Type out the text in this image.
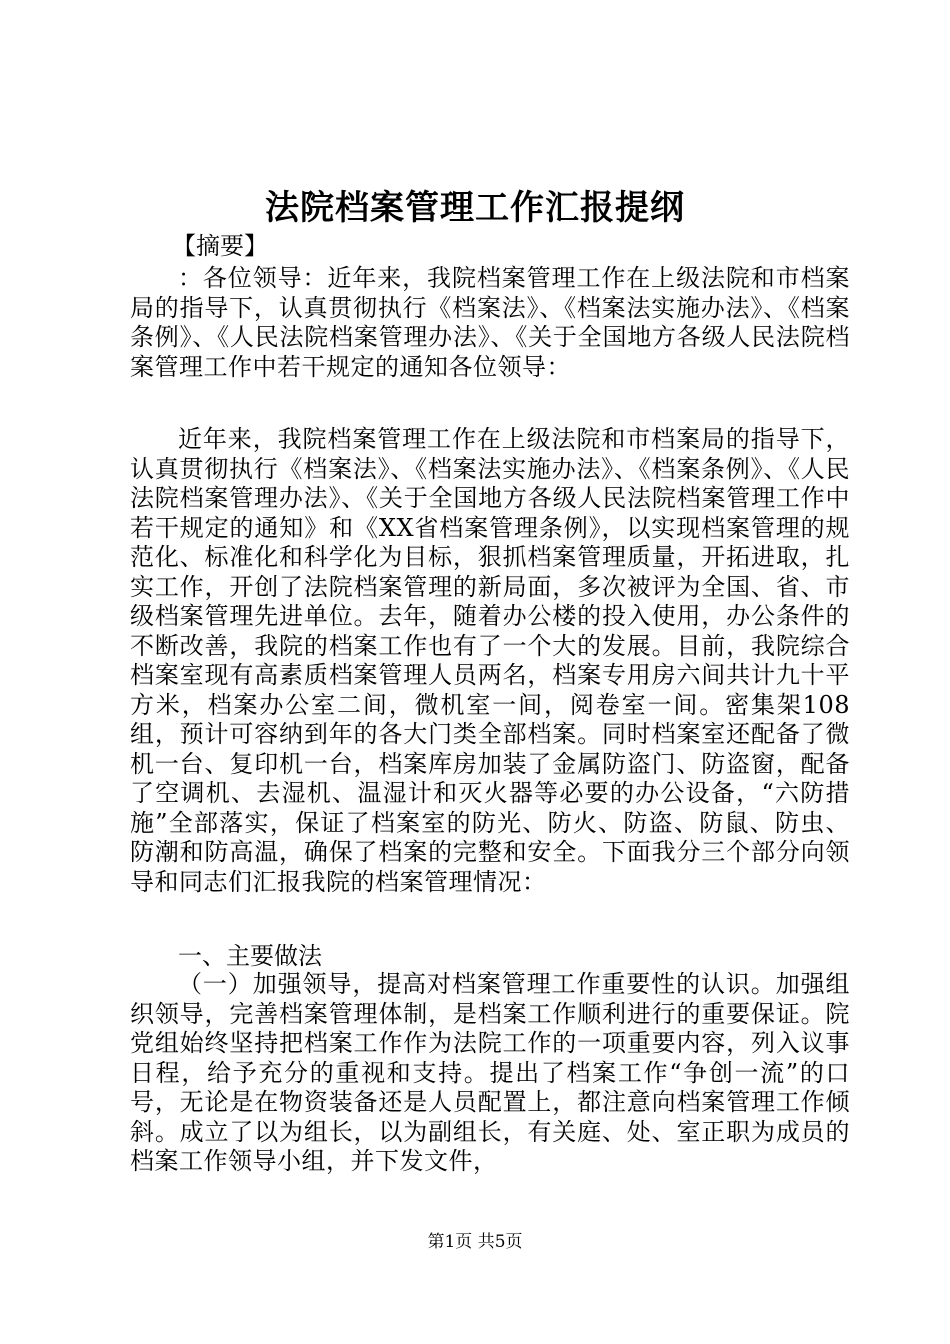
法院档案管理工作汇报提纲

【摘要】

：各位领导：近年来，我院档案管理工作在上级法院和市档案局的指导下，认真贯彻执行《档案法》、《档案法实施办法》、《档案条例》、《人民法院档案管理办法》、《关于全国地方各级人民法院档案管理工作中若干规定的通知各位领导：

近年来，我院档案管理工作在上级法院和市档案局的指导下，认真贯彻执行《档案法》、《档案法实施办法》、《档案条例》、《人民法院档案管理办法》、《关于全国地方各级人民法院档案管理工作中若干规定的通知》和《XX省档案管理条例》，以实现档案管理的规范化、标准化和科学化为目标，狠抓档案管理质量，开拓进取，扎实工作，开创了法院档案管理的新局面，多次被评为全国、省、市级档案管理先进单位。去年，随着办公楼的投入使用，办公条件的不断改善，我院的档案工作也有了一个大的发展。目前，我院综合档案室现有高素质档案管理人员两名，档案专用房六间共计九十平方米，档案办公室二间，微机室一间，阅卷室一间。密集架108组，预计可容纳到年的各大门类全部档案。同时档案室还配备了微机一台、复印机一台，档案库房加装了金属防盗门、防盗窗，配备了空调机、去湿机、温湿计和灭火器等必要的办公设备，“六防措施”全部落实，保证了档案室的防光、防火、防盗、防鼠、防虫、防潮和防高温，确保了档案的完整和安全。下面我分三个部分向领导和同志们汇报我院的档案管理情况：

一、主要做法

（一）加强领导，提高对档案管理工作重要性的认识。加强组织领导，完善档案管理体制，是档案工作顺利进行的重要保证。院党组始终坚持把档案工作作为法院工作的一项重要内容，列入议事日程，给予充分的重视和支持。提出了档案工作“争创一流”的口号，无论是在物资装备还是人员配置上，都注意向档案管理工作倾斜。成立了以为组长，以为副组长，有关庭、处、室正职为成员的档案工作领导小组，并下发文件，

第1页 共5页
